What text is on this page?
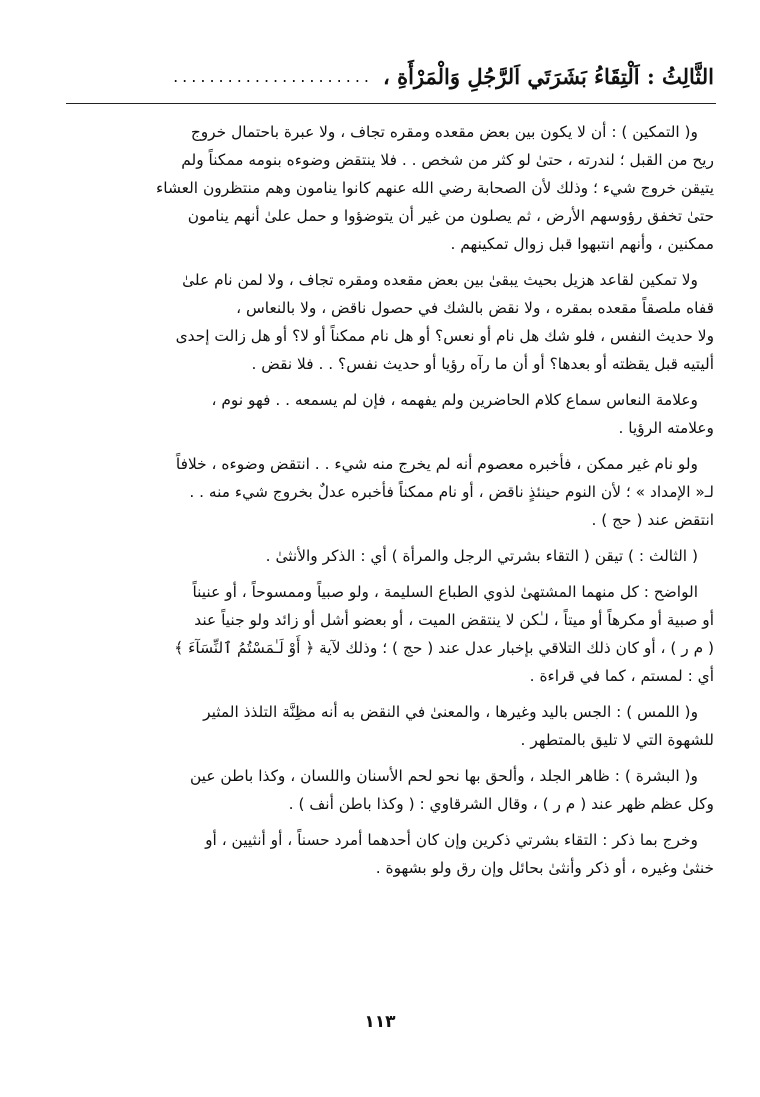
الثَّالِثُ : اَلْتِقَاءُ بَشَرَتَي اَلرَّجُلِ وَالْمَرْأَةِ ،
......................
و( التمكين ) : أن لا يكون بين بعض مقعده ومقره تجاف ، ولا عبرة باحتمال خروج
ريح من القبل ؛ لندرته ، حتىٰ لو كثر من شخص . . فلا ينتقض وضوءه بنومه ممكناً ولم
يتيقن خروج شيء ؛ وذلك لأن الصحابة رضي الله عنهم كانوا ينامون وهم منتظرون العشاء
حتىٰ تخفق رؤوسهم الأرض ، ثم يصلون من غير أن يتوضؤوا و حمل علىٰ أنهم ينامون
ممكنين ، وأنهم انتبهوا قبل زوال تمكينهم .
ولا تمكين لقاعد هزيل بحيث يبقىٰ بين بعض مقعده ومقره تجاف ، ولا لمن نام علىٰ
قفاه ملصقاً مقعده بمقره ، ولا نقض بالشك في حصول ناقض ، ولا بالنعاس ،
ولا حديث النفس ، فلو شك هل نام أو نعس؟ أو هل نام ممكناً أو لا؟ أو هل زالت إحدى
أليتيه قبل يقظته أو بعدها؟ أو أن ما رآه رؤيا أو حديث نفس؟ . . فلا نقض .
وعلامة النعاس سماع كلام الحاضرين ولم يفهمه ، فإن لم يسمعه . . فهو نوم ،
وعلامته الرؤيا .
ولو نام غير ممكن ، فأخبره معصوم أنه لم يخرج منه شيء . . انتقض وضوءه ، خلافاً
لـ« الإمداد » ؛ لأن النوم حينئذٍ ناقض ، أو نام ممكناً فأخبره عدلٌ بخروج شيء منه . .
انتقض عند ( حج ) .
( الثالث : ) تيقن ( التقاء بشرتي الرجل والمرأة ) أي : الذكر والأنثىٰ .
الواضح : كل منهما المشتهىٰ لذوي الطباع السليمة ، ولو صبياً وممسوحاً ، أو عنيناً
أو صبية أو مكرهاً أو ميتاً ، لـٰكن لا ينتقض الميت ، أو بعضو أشل أو زائد ولو جنياً عند
( م ر ) ، أو كان ذلك التلاقي بإخبار عدل عند ( حج ) ؛ وذلك لآية ﴿ أَوْ لَـٰمَسْتُمُ ٱلنِّسَآءَ ﴾
أي : لمستم ، كما في قراءة .
و( اللمس ) : الجس باليد وغيرها ، والمعنىٰ في النقض به أنه مظِنَّة التلذذ المثير
للشهوة التي لا تليق بالمتطهر .
و( البشرة ) : ظاهر الجلد ، وألحق بها نحو لحم الأسنان واللسان ، وكذا باطن عين
وكل عظم ظهر عند ( م ر ) ، وقال الشرقاوي : ( وكذا باطن أنف ) .
وخرج بما ذكر : التقاء بشرتي ذكرين وإن كان أحدهما أمرد حسناً ، أو أنثيين ، أو
خنثىٰ وغيره ، أو ذكر وأنثىٰ بحائل وإن رق ولو بشهوة .
١١٣
